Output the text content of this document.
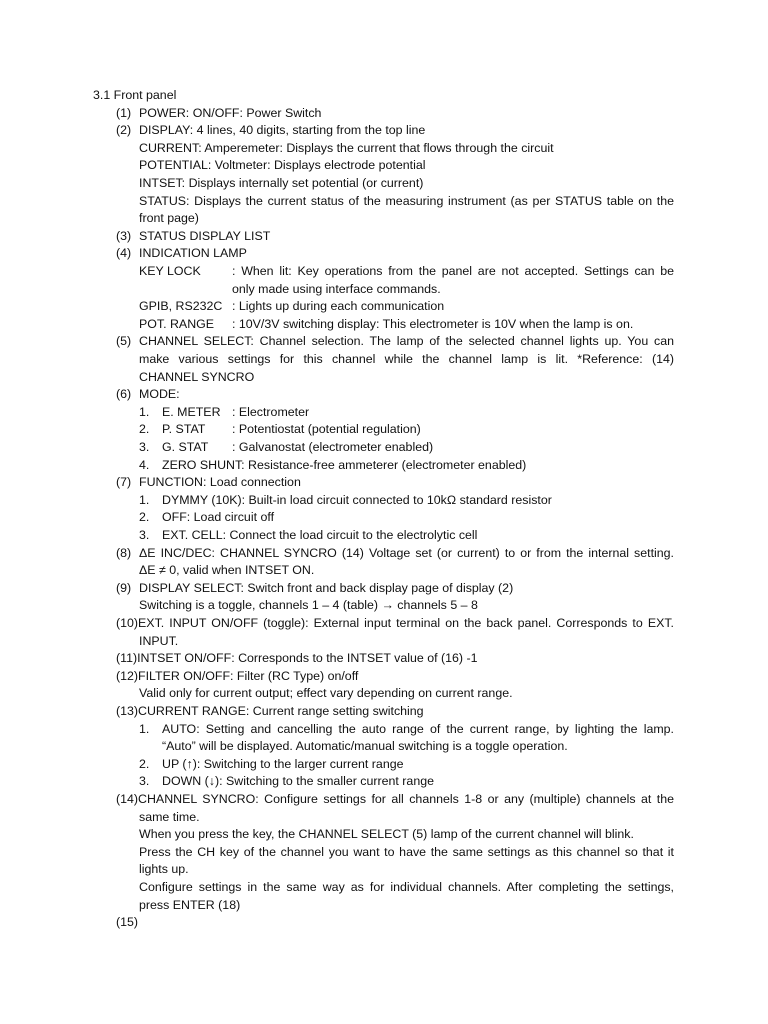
3.1 Front panel
(1) POWER: ON/OFF: Power Switch
(2) DISPLAY: 4 lines, 40 digits, starting from the top line
CURRENT: Amperemeter: Displays the current that flows through the circuit
POTENTIAL: Voltmeter: Displays electrode potential
INTSET: Displays internally set potential (or current)
STATUS: Displays the current status of the measuring instrument (as per STATUS table on the
front page)
(3) STATUS DISPLAY LIST
(4) INDICATION LAMP
KEY LOCK	: When lit: Key operations from the panel are not accepted. Settings can be
only made using interface commands.
GPIB, RS232C : Lights up during each communication
POT. RANGE : 10V/3V switching display: This electrometer is 10V when the lamp is on.
(5) CHANNEL SELECT: Channel selection. The lamp of the selected channel lights up. You can
make various settings for this channel while the channel lamp is lit. *Reference: (14)
CHANNEL SYNCRO
(6) MODE:
1. E. METER : Electrometer
2. P. STAT : Potentiostat (potential regulation)
3. G. STAT : Galvanostat (electrometer enabled)
4. ZERO SHUNT: Resistance-free ammeterer (electrometer enabled)
(7) FUNCTION: Load connection
1. DYMMY (10K): Built-in load circuit connected to 10kΩ standard resistor
2. OFF: Load circuit off
3. EXT. CELL: Connect the load circuit to the electrolytic cell
(8) ΔE INC/DEC: CHANNEL SYNCRO (14) Voltage set (or current) to or from the internal setting.
ΔE ≠ 0, valid when INTSET ON.
(9) DISPLAY SELECT: Switch front and back display page of display (2)
Switching is a toggle, channels 1 – 4 (table) → channels 5 – 8
(10)EXT. INPUT ON/OFF (toggle): External input terminal on the back panel. Corresponds to EXT.
INPUT.
(11)INTSET ON/OFF: Corresponds to the INTSET value of (16) -1
(12)FILTER ON/OFF: Filter (RC Type) on/off
Valid only for current output; effect vary depending on current range.
(13)CURRENT RANGE: Current range setting switching
1. AUTO: Setting and cancelling the auto range of the current range, by lighting the lamp.
“Auto” will be displayed. Automatic/manual switching is a toggle operation.
2. UP (↑): Switching to the larger current range
3. DOWN (↓): Switching to the smaller current range
(14)CHANNEL SYNCRO: Configure settings for all channels 1-8 or any (multiple) channels at the
same time.
When you press the key, the CHANNEL SELECT (5) lamp of the current channel will blink.
Press the CH key of the channel you want to have the same settings as this channel so that it
lights up.
Configure settings in the same way as for individual channels. After completing the settings,
press ENTER (18)
(15)
